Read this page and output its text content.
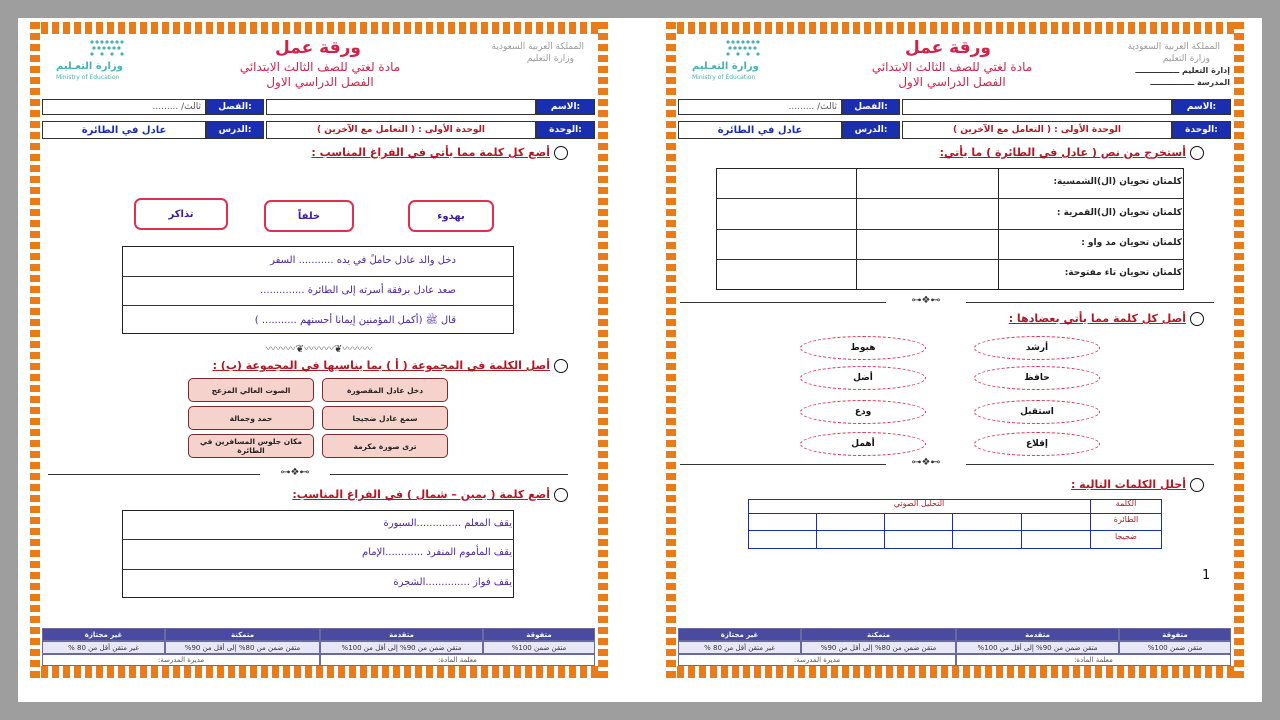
المملكة العربية السعودية
وزارة التعليم
ورقة عمل
مادة لغتي للصف الثالث الابتدائي
الفصل الدراسي الاول
وزارة التعـليم
Ministry of Education
الاسم:
الفصل:
ثالث/ .........
الوحدة:
الوحدة الأولى : ( التعامل مع الآخرين )
الدرس:
عادل في الطائرة
أضع كل كلمة مما يأتي في الفراغ المناسب :
بهدوء
خلفاً
تذاكر
دخل والد عادل حاملً في يده ........... السفر
صعد عادل برفقة أسرته إلى الطائرة ..............
قال ﷺ (أكمل المؤمنين إيمانا أحسنهم ........... )
〰〰〰❦〰〰〰❦〰〰〰
أصل الكلمة في المجموعة ( أ ) بما يناسبها في المجموعة (ب) :
دخل عادل المقصورة
سمع عادل ضجيجا
ترى صورة مكرمة
الصوت العالي المزعج
حمد وجمالة
مكان جلوس المسافرين في الطائرة
⊶❖⊷
أضع كلمة ( يمين – شمال ) في الفراغ المناسب:
يقف المعلم ..............السبورة
يقف المأموم المنفرد ............الإمام
يقف فواز ..............الشجرة
متفوقة
متقدمة
متمكنة
غير مجتازة
متقن ضمن 100%
متقن ضمن من 90% إلى أقل من 100%
متقن ضمن من 80% إلى أقل من 90%
غير متقن أقل من 80 %
معلمة المادة:
مديرة المدرسة:
المملكة العربية السعودية
وزارة التعليم
إدارة التعليم ــــــــــــــــ
المدرسة ــــــــــــــــ
ورقة عمل
مادة لغتي للصف الثالث الابتدائي
الفصل الدراسي الاول
وزارة التعـليم
Ministry of Education
الاسم:
الفصل:
ثالث/ .........
الوحدة:
الوحدة الأولى : ( التعامل مع الآخرين )
الدرس:
عادل في الطائرة
أستخرج من نص ( عادل في الطائرة ) ما يأتي:
كلمتان تحويان (ال)الشمسية:
كلمتان تحويان (ال)القمرية :
كلمتان تحويان مد واو :
كلمتان تحويان تاء مفتوحة:
⊶❖⊷
أصل كل كلمة مما يأتي بعضادها :
أرشد
حافظ
استقبل
إقلاع
هبوط
أضل
ودع
أهمل
⊶❖⊷
أحلل الكلمات التالية :
الكلمة
التحليل الصوتي
الطائرة
ضجيجا
1
متفوقة
متقدمة
متمكنة
غير مجتازة
متقن ضمن 100%
متقن ضمن من 90% إلى أقل من 100%
متقن ضمن من 80% إلى أقل من 90%
غير متقن أقل من 80 %
معلمة المادة:
مديرة المدرسة:
